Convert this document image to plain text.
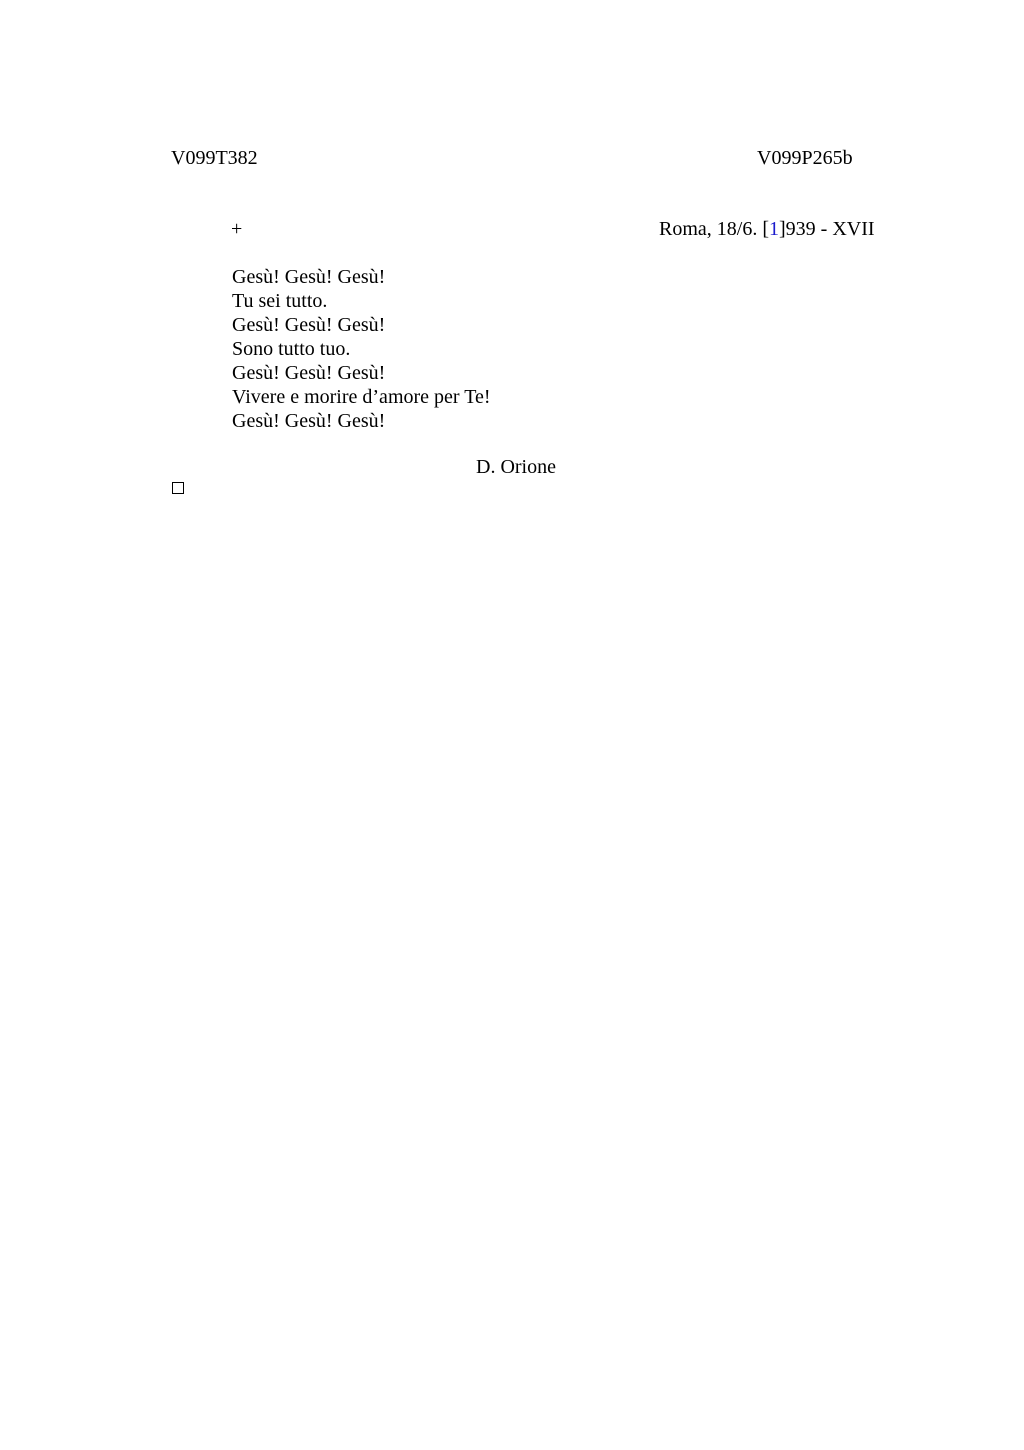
V099T382	V099P265b
+	Roma, 18/6. [1]939 - XVII
Gesù! Gesù! Gesù!
Tu sei tutto.
Gesù! Gesù! Gesù!
Sono tutto tuo.
Gesù! Gesù! Gesù!
Vivere e morire d’amore per Te!
Gesù! Gesù! Gesù!
D. Orione
